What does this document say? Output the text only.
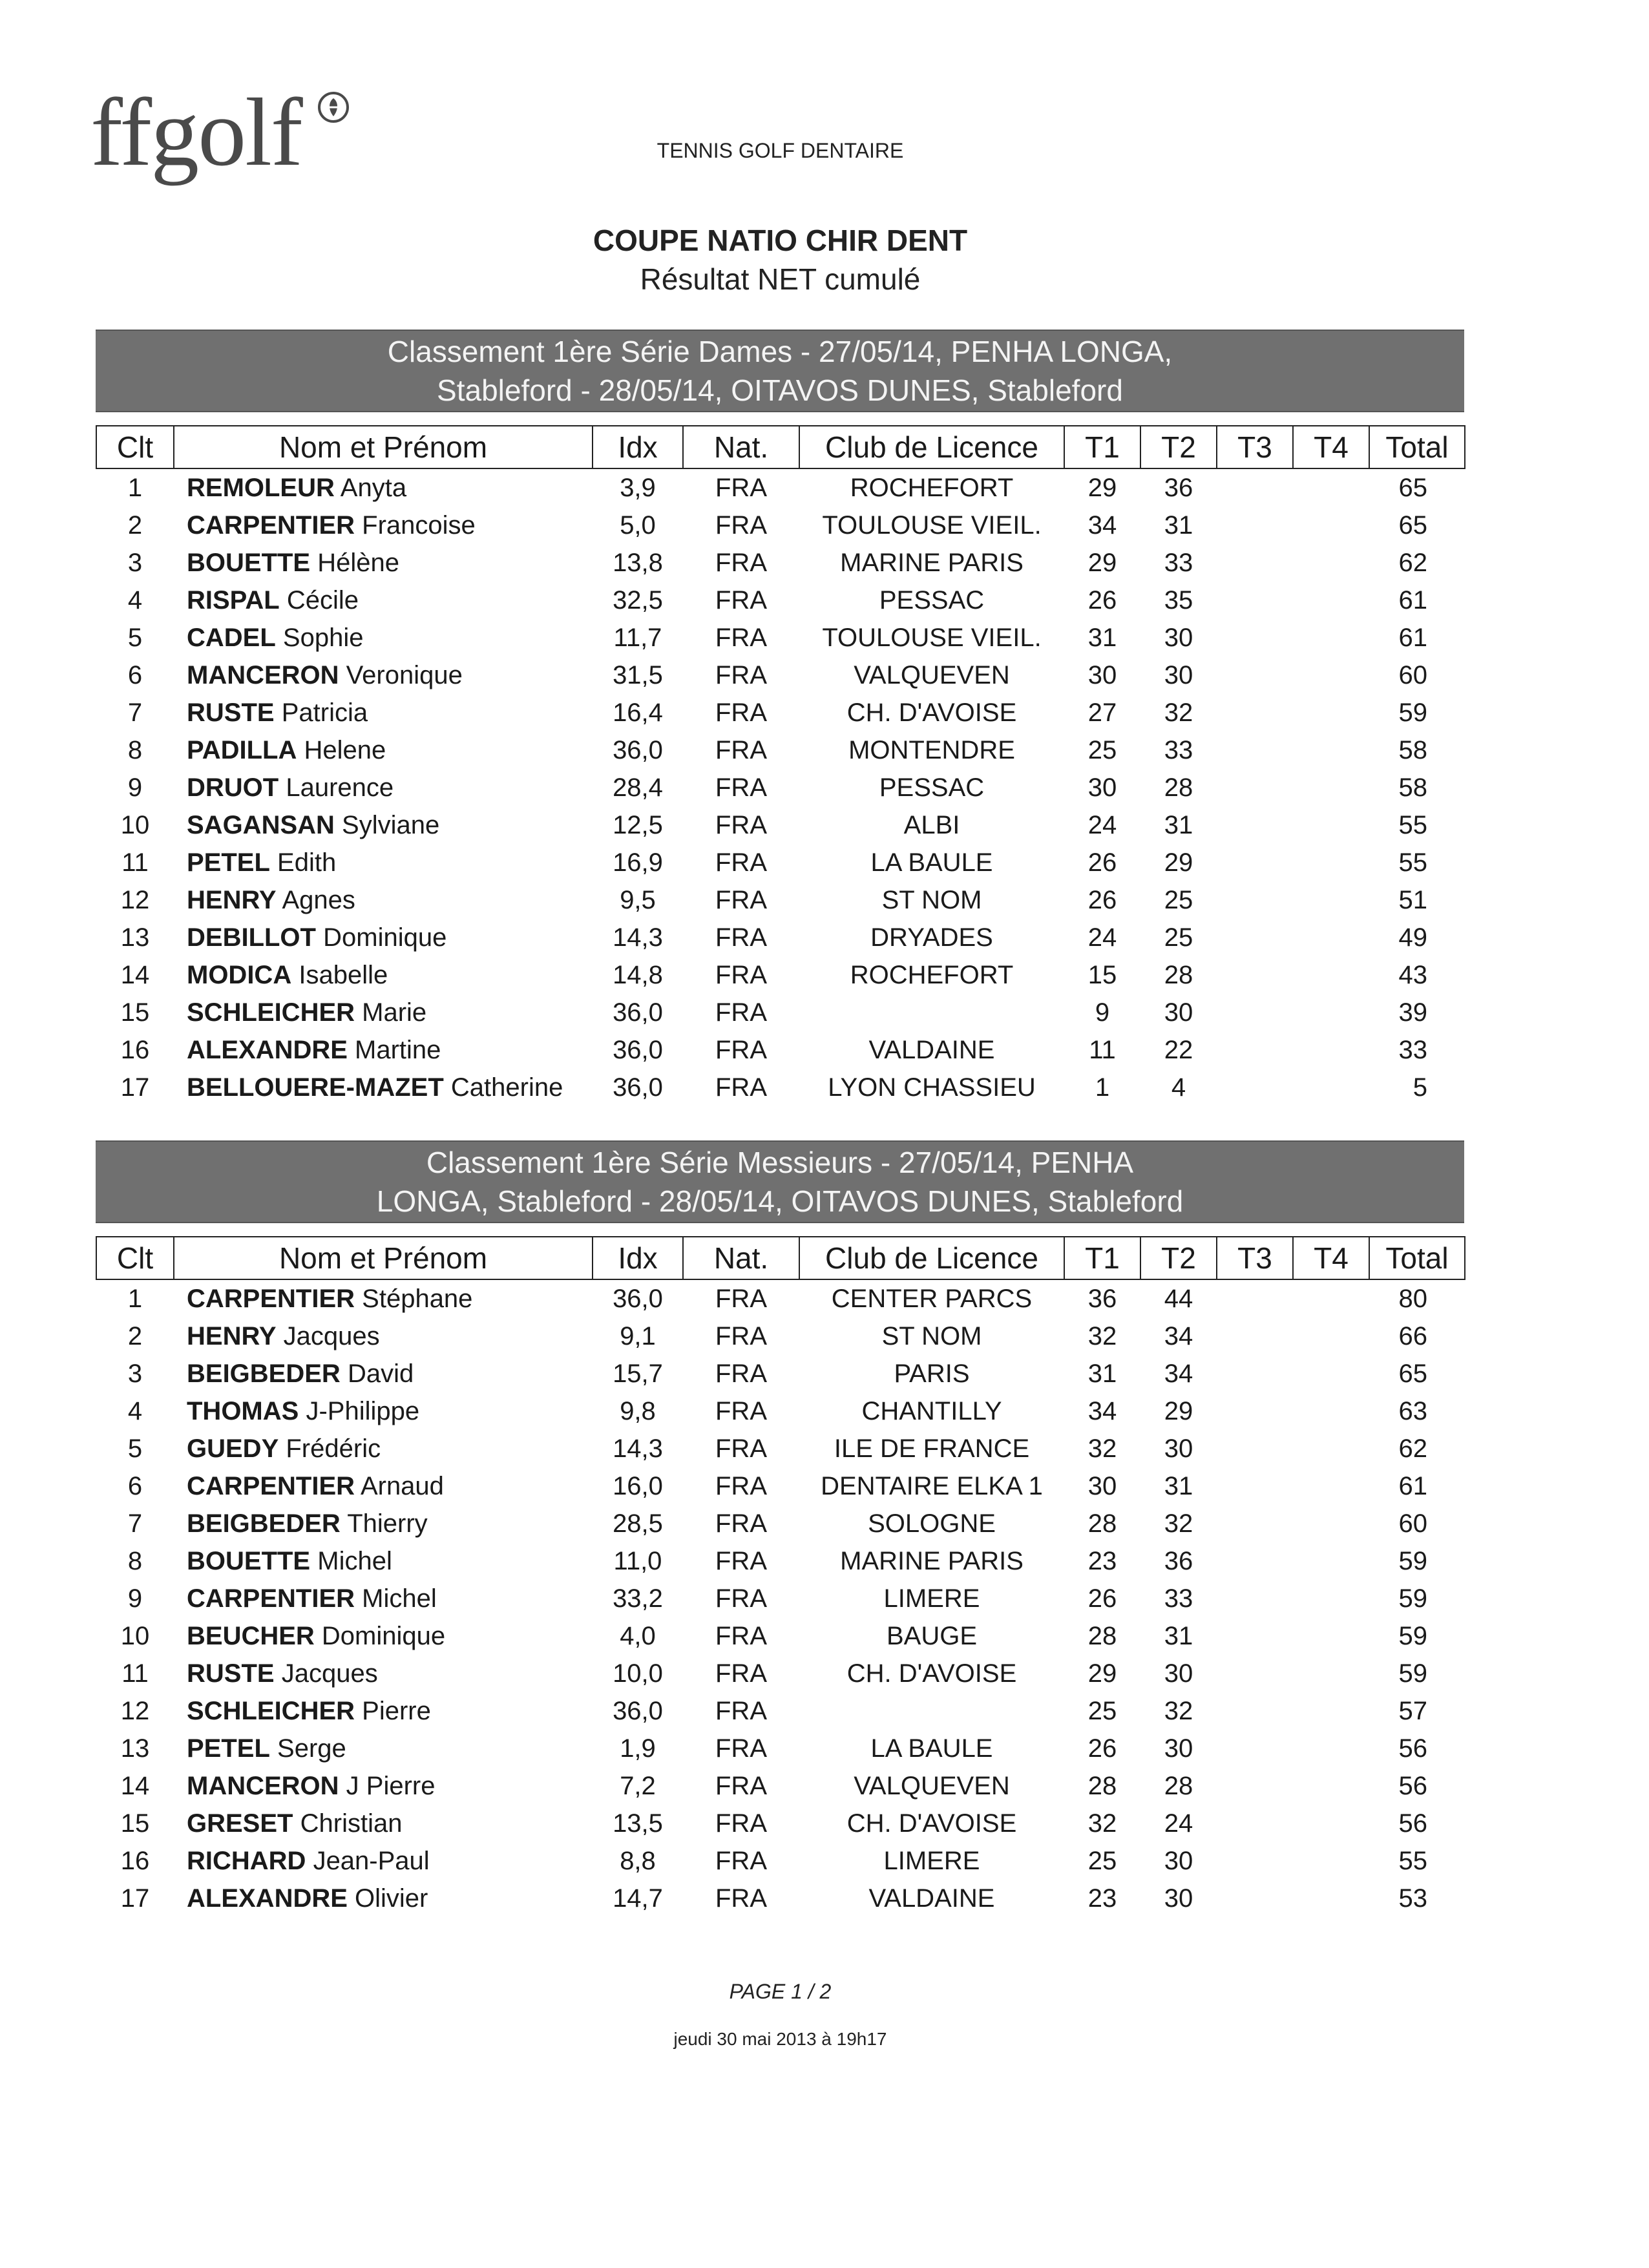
ffgolf	TENNIS GOLF DENTAIRE
COUPE NATIO CHIR DENT
Résultat NET cumulé
Classement 1ère Série Dames - 27/05/14, PENHA LONGA,
Stableford - 28/05/14, OITAVOS DUNES, Stableford
Clt	Nom et Prénom	Idx	Nat.	Club de Licence	T1	T2	T3	T4	Total
1	REMOLEUR Anyta	3,9	FRA	ROCHEFORT	29	36			65
2	CARPENTIER Francoise	5,0	FRA	TOULOUSE VIEIL.	34	31			65
3	BOUETTE Hélène	13,8	FRA	MARINE PARIS	29	33			62
4	RISPAL Cécile	32,5	FRA	PESSAC	26	35			61
5	CADEL Sophie	11,7	FRA	TOULOUSE VIEIL.	31	30			61
6	MANCERON Veronique	31,5	FRA	VALQUEVEN	30	30			60
7	RUSTE Patricia	16,4	FRA	CH. D'AVOISE	27	32			59
8	PADILLA Helene	36,0	FRA	MONTENDRE	25	33			58
9	DRUOT Laurence	28,4	FRA	PESSAC	30	28			58
10	SAGANSAN Sylviane	12,5	FRA	ALBI	24	31			55
11	PETEL Edith	16,9	FRA	LA BAULE	26	29			55
12	HENRY Agnes	9,5	FRA	ST NOM	26	25			51
13	DEBILLOT Dominique	14,3	FRA	DRYADES	24	25			49
14	MODICA Isabelle	14,8	FRA	ROCHEFORT	15	28			43
15	SCHLEICHER Marie	36,0	FRA		9	30			39
16	ALEXANDRE Martine	36,0	FRA	VALDAINE	11	22			33
17	BELLOUERE-MAZET Catherine	36,0	FRA	LYON CHASSIEU	1	4			5
Classement 1ère Série Messieurs - 27/05/14, PENHA
LONGA, Stableford - 28/05/14, OITAVOS DUNES, Stableford
Clt	Nom et Prénom	Idx	Nat.	Club de Licence	T1	T2	T3	T4	Total
1	CARPENTIER Stéphane	36,0	FRA	CENTER PARCS	36	44			80
2	HENRY Jacques	9,1	FRA	ST NOM	32	34			66
3	BEIGBEDER David	15,7	FRA	PARIS	31	34			65
4	THOMAS J-Philippe	9,8	FRA	CHANTILLY	34	29			63
5	GUEDY Frédéric	14,3	FRA	ILE DE FRANCE	32	30			62
6	CARPENTIER Arnaud	16,0	FRA	DENTAIRE ELKA 1	30	31			61
7	BEIGBEDER Thierry	28,5	FRA	SOLOGNE	28	32			60
8	BOUETTE Michel	11,0	FRA	MARINE PARIS	23	36			59
9	CARPENTIER Michel	33,2	FRA	LIMERE	26	33			59
10	BEUCHER Dominique	4,0	FRA	BAUGE	28	31			59
11	RUSTE Jacques	10,0	FRA	CH. D'AVOISE	29	30			59
12	SCHLEICHER Pierre	36,0	FRA		25	32			57
13	PETEL Serge	1,9	FRA	LA BAULE	26	30			56
14	MANCERON J Pierre	7,2	FRA	VALQUEVEN	28	28			56
15	GRESET Christian	13,5	FRA	CH. D'AVOISE	32	24			56
16	RICHARD Jean-Paul	8,8	FRA	LIMERE	25	30			55
17	ALEXANDRE Olivier	14,7	FRA	VALDAINE	23	30			53
PAGE 1 / 2
jeudi 30 mai 2013 à 19h17
